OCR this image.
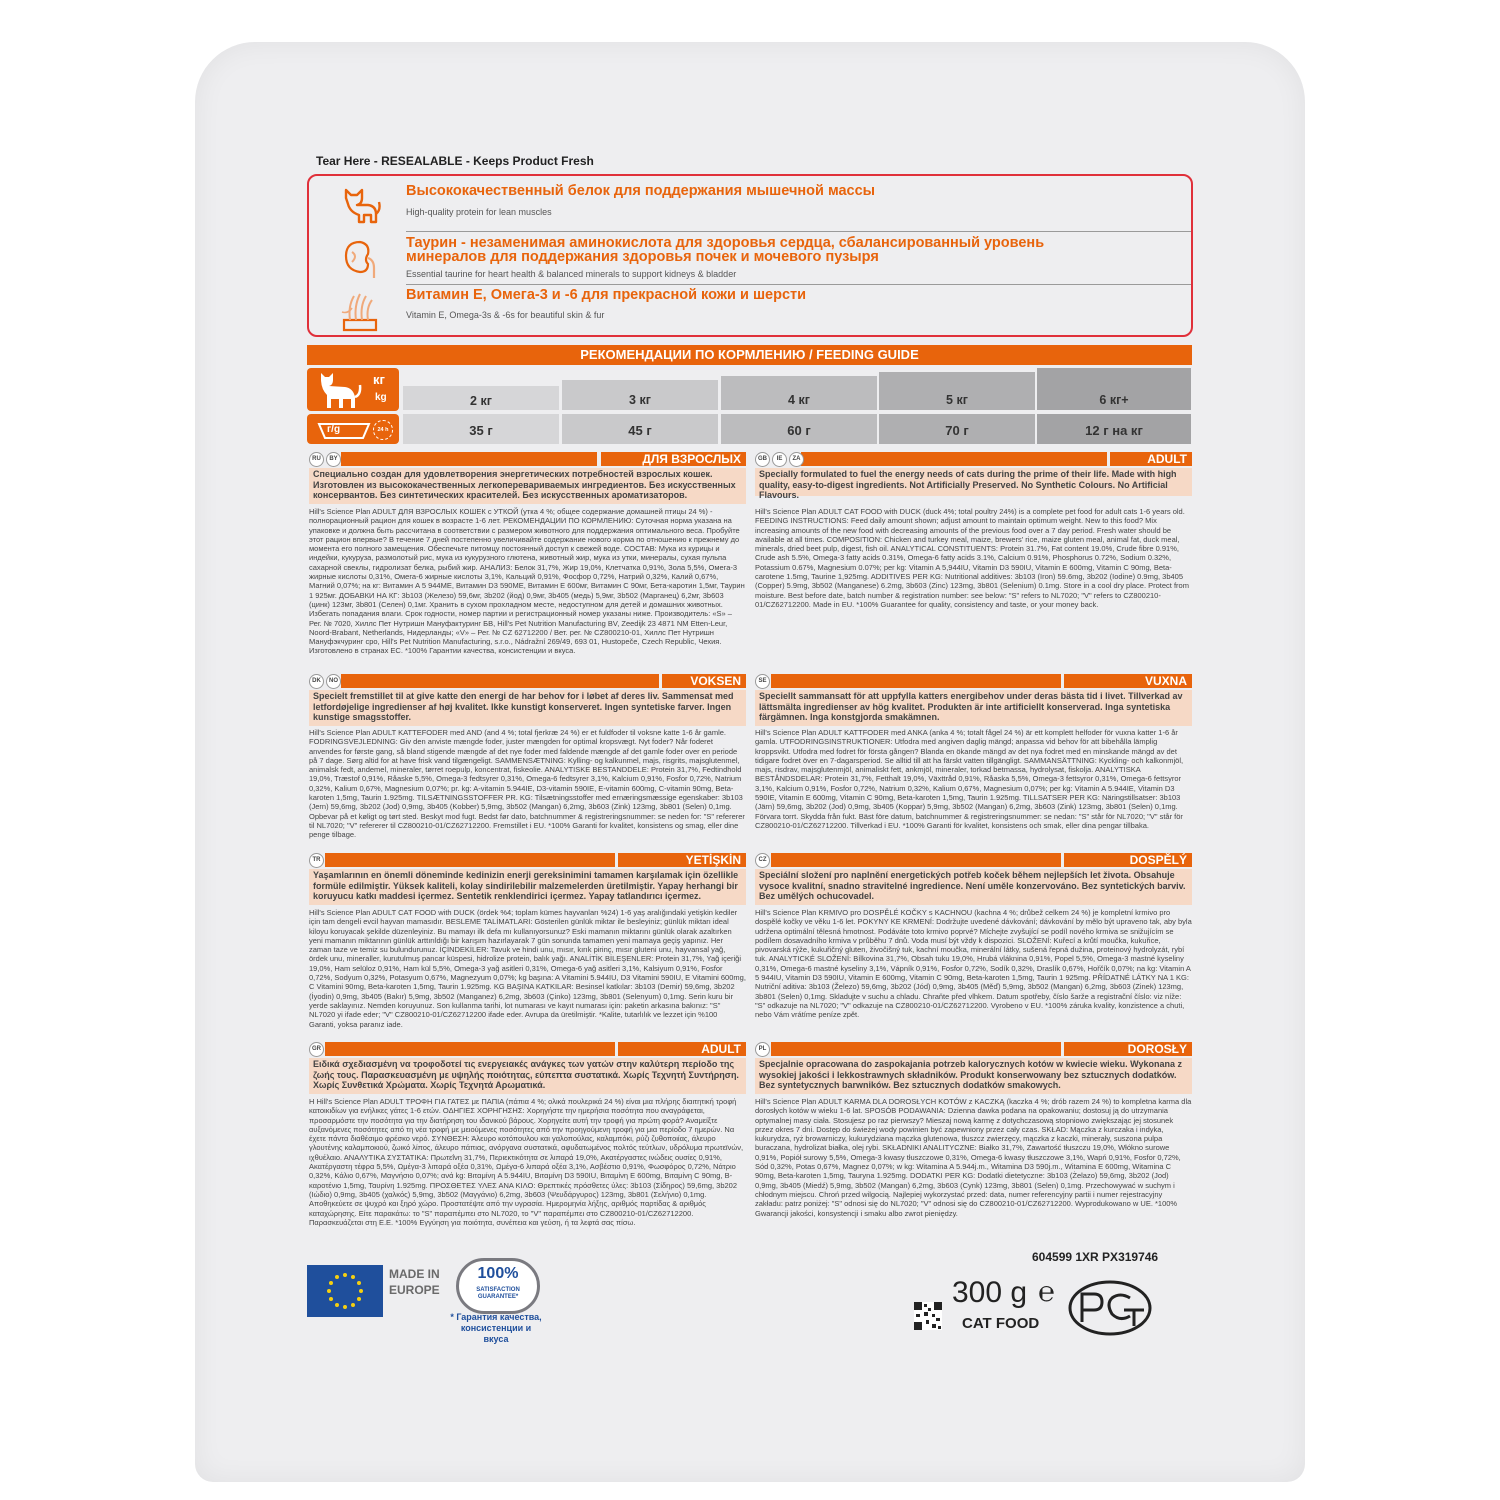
Tear Here - RESEALABLE - Keeps Product Fresh
Высококачественный белок для поддержания мышечной массы
High-quality protein for lean muscles
Таурин - незаменимая аминокислота для здоровья сердца, сбалансированный уровень минералов для поддержания здоровья почек и мочевого пузыря
Essential taurine for heart health & balanced minerals to support kidneys & bladder
Витамин Е, Омега-3 и -6 для прекрасной кожи и шерсти
Vitamin E, Omega-3s & -6s for beautiful skin & fur
РЕКОМЕНДАЦИИ ПО КОРМЛЕНИЮ / FEEDING GUIDE
кг
kg
г/g	24 h
2 кг	3 кг	4 кг	5 кг	6 кг+
35 г	45 г	60 г	70 г	12 г на кг
RU	BY	ДЛЯ ВЗРОСЛЫХ
Специально создан для удовлетворения энергетических потребностей взрослых кошек. Изготовлен из высококачественных легкоперевариваемых ингредиентов. Без искусственных консервантов. Без синтетических красителей. Без искусственных ароматизаторов.
Hill's Science Plan ADULT ДЛЯ ВЗРОСЛЫХ КОШЕК с УТКОЙ (утка 4 %; общее содержание домашней птицы 24 %) - полнорационный рацион для кошек в возрасте 1-6 лет. РЕКОМЕНДАЦИИ ПО КОРМЛЕНИЮ: Суточная норма указана на упаковке и должна быть рассчитана в соответствии с размером животного для поддержания оптимального веса. Пробуйте этот рацион впервые? В течение 7 дней постепенно увеличивайте содержание нового корма по отношению к прежнему до момента его полного замещения. Обеспечьте питомцу постоянный доступ к свежей воде. СОСТАВ: Мука из курицы и индейки, кукуруза, размолотый рис, мука из кукурузного глютена, животный жир, мука из утки, минералы, сухая пульпа сахарной свеклы, гидролизат белка, рыбий жир. АНАЛИЗ: Белок 31,7%, Жир 19,0%, Клетчатка 0,91%, Зола 5,5%, Омега-3 жирные кислоты 0,31%, Омега-6 жирные кислоты 3,1%, Кальций 0,91%, Фосфор 0,72%, Натрий 0,32%, Калий 0,67%, Магний 0,07%; на кг: Витамин A 5 944ME, Витамин D3 590ME, Витамин E 600мг, Витамин C 90мг, Бета-каротин 1,5мг, Таурин 1 925мг. ДОБАВКИ НА КГ: 3b103 (Железо) 59,6мг, 3b202 (йод) 0,9мг, 3b405 (медь) 5,9мг, 3b502 (Марганец) 6,2мг, 3b603 (цинк) 123мг, 3b801 (Селен) 0,1мг. Хранить в сухом прохладном месте, недоступном для детей и домашних животных. Избегать попадания влаги. Срок годности, номер партии и регистрационный номер указаны ниже. Производитель: «S» – Рег. № 7020, Хиллс Пет Нутришн Мануфактуринг БВ, Hill's Pet Nutrition Manufacturing BV, Zeedijk 23 4871 NM Etten-Leur, Noord-Brabant, Netherlands, Нидерланды; «V» – Рег. № CZ 62712200 / Вет. рег. № CZ800210-01, Хиллс Пет Нутришн Мануфэкчуринг сро, Hill's Pet Nutrition Manufacturing, s.r.o., Nádražní 269/49, 693 01, Hustopeče, Czech Republic, Чехия. Изготовлено в странах ЕС. *100% Гарантии качества, консистенции и вкуса.
GB	IE	ZA	ADULT
Specially formulated to fuel the energy needs of cats during the prime of their life. Made with high quality, easy-to-digest ingredients. Not Artificially Preserved. No Synthetic Colours. No Artificial Flavours.
Hill's Science Plan ADULT CAT FOOD with DUCK (duck 4%; total poultry 24%) is a complete pet food for adult cats 1-6 years old. FEEDING INSTRUCTIONS: Feed daily amount shown; adjust amount to maintain optimum weight. New to this food? Mix increasing amounts of the new food with decreasing amounts of the previous food over a 7 day period. Fresh water should be available at all times. COMPOSITION: Chicken and turkey meal, maize, brewers' rice, maize gluten meal, animal fat, duck meal, minerals, dried beet pulp, digest, fish oil. ANALYTICAL CONSTITUENTS: Protein 31.7%, Fat content 19.0%, Crude fibre 0.91%, Crude ash 5.5%, Omega-3 fatty acids 0.31%, Omega-6 fatty acids 3.1%, Calcium 0.91%, Phosphorus 0.72%, Sodium 0.32%, Potassium 0.67%, Magnesium 0.07%; per kg: Vitamin A 5,944IU, Vitamin D3 590IU, Vitamin E 600mg, Vitamin C 90mg, Beta-carotene 1.5mg, Taurine 1,925mg. ADDITIVES PER KG: Nutritional additives: 3b103 (Iron) 59.6mg, 3b202 (Iodine) 0.9mg, 3b405 (Copper) 5.9mg, 3b502 (Manganese) 6.2mg, 3b603 (Zinc) 123mg, 3b801 (Selenium) 0.1mg. Store in a cool dry place. Protect from moisture. Best before date, batch number & registration number: see below: "S" refers to NL7020; "V" refers to CZ800210-01/CZ62712200. Made in EU. *100% Guarantee for quality, consistency and taste, or your money back.
DK	NO	VOKSEN
Specielt fremstillet til at give katte den energi de har behov for i løbet af deres liv. Sammensat med letfordøjelige ingredienser af høj kvalitet. Ikke kunstigt konserveret. Ingen syntetiske farver. Ingen kunstige smagsstoffer.
Hill's Science Plan ADULT KATTEFODER med AND (and 4 %; total fjerkræ 24 %) er et fuldfoder til voksne katte 1-6 år gamle. FODRINGSVEJLEDNING: Giv den anviste mængde foder, juster mængden for optimal kropsvægt. Nyt foder? Når foderet anvendes for første gang, så bland stigende mængde af det nye foder med faldende mængde af det gamle foder over en periode på 7 dage. Sørg altid for at have frisk vand tilgængeligt. SAMMENSÆTNING: Kylling- og kalkunmel, majs, risgrits, majsglutenmel, animalsk fedt, andemel, mineraler, tørret roepulp, koncentrat, fiskeolie. ANALYTISKE BESTANDDELE: Protein 31,7%, Fedtindhold 19,0%, Træstof 0,91%, Råaske 5,5%, Omega-3 fedtsyrer 0,31%, Omega-6 fedtsyrer 3,1%, Kalcium 0,91%, Fosfor 0,72%, Natrium 0,32%, Kalium 0,67%, Magnesium 0,07%; pr. kg: A-vitamin 5.944IE, D3-vitamin 590IE, E-vitamin 600mg, C-vitamin 90mg, Beta-karoten 1,5mg, Taurin 1.925mg. TILSÆTNINGSSTOFFER PR. KG: Tilsætningsstoffer med ernæringsmæssige egenskaber: 3b103 (Jern) 59,6mg, 3b202 (Jod) 0,9mg, 3b405 (Kobber) 5,9mg, 3b502 (Mangan) 6,2mg, 3b603 (Zink) 123mg, 3b801 (Selen) 0,1mg. Opbevar på et køligt og tørt sted. Beskyt mod fugt. Bedst før dato, batchnummer & registreringsnummer: se neden for: "S" refererer til NL7020; "V" refererer til CZ800210-01/CZ62712200. Fremstillet i EU. *100% Garanti for kvalitet, konsistens og smag, eller dine penge tilbage.
SE	VUXNA
Speciellt sammansatt för att uppfylla katters energibehov under deras bästa tid i livet. Tillverkad av lättsmälta ingredienser av hög kvalitet. Produkten är inte artificiellt konserverad. Inga syntetiska färgämnen. Inga konstgjorda smakämnen.
Hill's Science Plan ADULT KATTFODER med ANKA (anka 4 %; totalt fågel 24 %) är ett komplett helfoder för vuxna katter 1-6 år gamla. UTFODRINGSINSTRUKTIONER: Utfodra med angiven daglig mängd; anpassa vid behov för att bibehålla lämplig kroppsvikt. Utfodra med fodret för första gången? Blanda en ökande mängd av det nya fodret med en minskande mängd av det tidigare fodret över en 7-dagarsperiod. Se alltid till att ha färskt vatten tillgängligt. SAMMANSÄTTNING: Kyckling- och kalkonmjöl, majs, risdrav, majsglutenmjöl, animaliskt fett, ankmjöl, mineraler, torkad betmassa, hydrolysat, fiskolja. ANALYTISKA BESTÅNDSDELAR: Protein 31,7%, Fetthalt 19,0%, Växttråd 0,91%, Råaska 5,5%, Omega-3 fettsyror 0,31%, Omega-6 fettsyror 3,1%, Kalcium 0,91%, Fosfor 0,72%, Natrium 0,32%, Kalium 0,67%, Magnesium 0,07%; per kg: Vitamin A 5.944IE, Vitamin D3 590IE, Vitamin E 600mg, Vitamin C 90mg, Beta-karoten 1,5mg, Taurin 1.925mg. TILLSATSER PER KG: Näringstillsatser: 3b103 (Järn) 59,6mg, 3b202 (Jod) 0,9mg, 3b405 (Koppar) 5,9mg, 3b502 (Mangan) 6,2mg, 3b603 (Zink) 123mg, 3b801 (Selen) 0,1mg. Förvara torrt. Skydda från fukt. Bäst före datum, batchnummer & registreringsnummer: se nedan: "S" står för NL7020; "V" står för CZ800210-01/CZ62712200. Tillverkad i EU. *100% Garanti för kvalitet, konsistens och smak, eller dina pengar tillbaka.
TR	YETİŞKİN
Yaşamlarının en önemli döneminde kedinizin enerji gereksinimini tamamen karşılamak için özellikle formüle edilmiştir. Yüksek kaliteli, kolay sindirilebilir malzemelerden üretilmiştir. Yapay herhangi bir koruyucu katkı maddesi içermez. Sentetik renklendirici içermez. Yapay tatlandırıcı içermez.
Hill's Science Plan ADULT CAT FOOD with DUCK (ördek %4; toplam kümes hayvanları %24) 1-6 yaş aralığındaki yetişkin kediler için tam dengeli evcil hayvan mamasıdır. BESLEME TALİMATLARI: Gösterilen günlük miktar ile besleyiniz; günlük miktarı ideal kiloyu koruyacak şekilde düzenleyiniz. Bu mamayı ilk defa mı kullanıyorsunuz? Eski mamanın miktarını günlük olarak azaltırken yeni mamanın miktarının günlük arttırıldığı bir karışım hazırlayarak 7 gün sonunda tamamen yeni mamaya geçiş yapınız. Her zaman taze ve temiz su bulundurunuz. İÇİNDEKİLER: Tavuk ve hindi unu, mısır, kırık pirinç, mısır gluteni unu, hayvansal yağ, ördek unu, mineraller, kurutulmuş pancar küspesi, hidrolize protein, balık yağı. ANALİTİK BİLEŞENLER: Protein 31,7%, Yağ içeriği 19,0%, Ham selüloz 0,91%, Ham kül 5,5%, Omega-3 yağ asitleri 0,31%, Omega-6 yağ asitleri 3,1%, Kalsiyum 0,91%, Fosfor 0,72%, Sodyum 0,32%, Potasyum 0,67%, Magnezyum 0,07%; kg başına: A Vitamini 5.944IU, D3 Vitamini 590IU, E Vitamini 600mg, C Vitamini 90mg, Beta-karoten 1,5mg, Taurin 1.925mg. KG BAŞINA KATKILAR: Besinsel katkılar: 3b103 (Demir) 59,6mg, 3b202 (İyodin) 0,9mg, 3b405 (Bakır) 5,9mg, 3b502 (Manganez) 6,2mg, 3b603 (Çinko) 123mg, 3b801 (Selenyum) 0,1mg. Serin kuru bir yerde saklayınız. Nemden koruyunuz. Son kullanma tarihi, lot numarası ve kayıt numarası için: paketin arkasına bakınız: "S" NL7020 yi ifade eder; "V" CZ800210-01/CZ62712200 ifade eder. Avrupa da üretilmiştir. *Kalite, tutarlılık ve lezzet için %100 Garanti, yoksa paranız iade.
CZ	DOSPĚLÝ
Speciální složení pro naplnění energetických potřeb koček během nejlepších let života. Obsahuje vysoce kvalitní, snadno stravitelné ingredience. Není uměle konzervováno. Bez syntetických barviv. Bez umělých ochucovadel.
Hill's Science Plan KRMIVO pro DOSPĚLÉ KOČKY s KACHNOU (kachna 4 %; drůbež celkem 24 %) je kompletní krmivo pro dospělé kočky ve věku 1-6 let. POKYNY KE KRMENÍ: Dodržujte uvedené dávkování; dávkování by mělo být upraveno tak, aby byla udržena optimální tělesná hmotnost. Podáváte toto krmivo poprvé? Míchejte zvyšující se podíl nového krmiva se snižujícím se podílem dosavadního krmiva v průběhu 7 dnů. Voda musí být vždy k dispozici. SLOŽENÍ: Kuřecí a krůtí moučka, kukuřice, pivovarská rýže, kukuřičný gluten, živočišný tuk, kachní moučka, minerální látky, sušená řepná dužina, proteinový hydrolyzát, rybí tuk. ANALYTICKÉ SLOŽENÍ: Bílkovina 31,7%, Obsah tuku 19,0%, Hrubá vláknina 0,91%, Popel 5,5%, Omega-3 mastné kyseliny 0,31%, Omega-6 mastné kyseliny 3,1%, Vápník 0,91%, Fosfor 0,72%, Sodík 0,32%, Draslík 0,67%, Hořčík 0,07%; na kg: Vitamin A 5 944IU, Vitamin D3 590IU, Vitamin E 600mg, Vitamin C 90mg, Beta-karoten 1,5mg, Taurin 1 925mg. PŘÍDATNÉ LÁTKY NA 1 KG: Nutriční aditiva: 3b103 (Železo) 59,6mg, 3b202 (Jód) 0,9mg, 3b405 (Měď) 5,9mg, 3b502 (Mangan) 6,2mg, 3b603 (Zinek) 123mg, 3b801 (Selen) 0,1mg. Skladujte v suchu a chladu. Chraňte před vlhkem. Datum spotřeby, číslo šarže a registrační číslo: viz níže: "S" odkazuje na NL7020; "V" odkazuje na CZ800210-01/CZ62712200. Vyrobeno v EU. *100% záruka kvality, konzistence a chuti, nebo Vám vrátíme peníze zpět.
GR	ADULT
Ειδικά σχεδιασμένη να τροφοδοτεί τις ενεργειακές ανάγκες των γατών στην καλύτερη περίοδο της ζωής τους. Παρασκευασμένη με υψηλής ποιότητας, εύπεπτα συστατικά. Χωρίς Τεχνητή Συντήρηση. Χωρίς Συνθετικά Χρώματα. Χωρίς Τεχνητά Αρωματικά.
Η Hill's Science Plan ADULT ΤΡΟΦΗ ΓΙΑ ΓΑΤΕΣ με ΠΑΠΙΑ (πάπια 4 %; ολικά πουλερικά 24 %) είναι μια πλήρης διαιτητική τροφή κατοικιδίων για ενήλικες γάτες 1-6 ετών. ΟΔΗΓΙΕΣ ΧΟΡΗΓΗΣΗΣ: Χορηγήστε την ημερήσια ποσότητα που αναγράφεται, προσαρμόστε την ποσότητα για την διατήρηση του ιδανικού βάρους. Χορηγείτε αυτή την τροφή για πρώτη φορά? Αναμείξτε αυξανόμενες ποσότητες από τη νέα τροφή με μειούμενες ποσότητες από την προηγούμενη τροφή για μια περίοδο 7 ημερών. Να έχετε πάντα διαθέσιμο φρέσκο νερό. ΣΥΝΘΕΣΗ: Άλευρο κοτόπουλου και γαλοπούλας, καλαμπόκι, ρύζι ζυθοποιίας, άλευρο γλουτένης καλαμποκιού, ζωικό λίπος, άλευρο πάπιας, ανόργανα συστατικά, αφυδατωμένος πολτός τεύτλων, υδρόλυμα πρωτεϊνών, ιχθυέλαιο. ΑΝΑΛΥΤΙΚΑ ΣΥΣΤΑΤΙΚΑ: Πρωτεΐνη 31,7%, Περιεκτικότητα σε λιπαρά 19,0%, Ακατέργαστες ινώδεις ουσίες 0,91%, Ακατέργαστη τέφρα 5,5%, Ωμέγα-3 λιπαρά οξέα 0,31%, Ωμέγα-6 λιπαρά οξέα 3,1%, Ασβέστιο 0,91%, Φωσφόρος 0,72%, Νάτριο 0,32%, Κάλιο 0,67%, Μαγνήσιο 0,07%; ανά kg: Βιταμίνη A 5.944IU, Βιταμίνη D3 590IU, Βιταμίνη E 600mg, Βιταμίνη C 90mg, Β-καροτένιο 1,5mg, Ταυρίνη 1.925mg. ΠΡΟΣΘΕΤΕΣ ΥΛΕΣ ΑΝΑ ΚΙΛΟ: Θρεπτικές πρόσθετες ύλες: 3b103 (Σίδηρος) 59,6mg, 3b202 (Ιώδιο) 0,9mg, 3b405 (χαλκός) 5,9mg, 3b502 (Μαγγάνιο) 6,2mg, 3b603 (Ψευδάργυρος) 123mg, 3b801 (Σελήνιο) 0,1mg. Αποθηκεύετε σε ψυχρό και ξηρό χώρο. Προστατέψτε από την υγρασία. Ημερομηνία λήξης, αριθμός παρτίδας & αριθμός καταχώρησης. Είτε παρακάτω: το "S" παραπέμπει στο NL7020, το "V" παραπέμπει στο CZ800210-01/CZ62712200. Παρασκευάζεται στη Ε.Ε. *100% Εγγύηση για ποιότητα, συνέπεια και γεύση, ή τα λεφτά σας πίσω.
PL	DOROSŁY
Specjalnie opracowana do zaspokajania potrzeb kalorycznych kotów w kwiecie wieku. Wykonana z wysokiej jakości i lekkostrawnych składników. Produkt konserwowany bez sztucznych dodatków. Bez syntetycznych barwników. Bez sztucznych dodatków smakowych.
Hill's Science Plan ADULT KARMA DLA DOROSŁYCH KOTÓW z KACZKĄ (kaczka 4 %; drób razem 24 %) to kompletna karma dla dorosłych kotów w wieku 1-6 lat. SPOSÓB PODAWANIA: Dzienna dawka podana na opakowaniu; dostosuj ją do utrzymania optymalnej masy ciała. Stosujesz po raz pierwszy? Mieszaj nową karmę z dotychczasową stopniowo zwiększając jej stosunek przez okres 7 dni. Dostęp do świeżej wody powinien być zapewniony przez cały czas. SKŁAD: Mączka z kurczaka i indyka, kukurydza, ryż browarniczy, kukurydziana mączka glutenowa, tłuszcz zwierzęcy, mączka z kaczki, minerały, suszona pulpa buraczana, hydrolizat białka, olej rybi. SKŁADNIKI ANALITYCZNE: Białko 31,7%, Zawartość tłuszczu 19,0%, Włókno surowe 0,91%, Popiół surowy 5,5%, Omega-3 kwasy tłuszczowe 0,31%, Omega-6 kwasy tłuszczowe 3,1%, Wapń 0,91%, Fosfor 0,72%, Sód 0,32%, Potas 0,67%, Magnez 0,07%; w kg: Witamina A 5.944j.m., Witamina D3 590j.m., Witamina E 600mg, Witamina C 90mg, Beta-karoten 1,5mg, Tauryna 1.925mg. DODATKI PER KG: Dodatki dietetyczne: 3b103 (Żelazo) 59,6mg, 3b202 (Jod) 0,9mg, 3b405 (Miedź) 5,9mg, 3b502 (Mangan) 6,2mg, 3b603 (Cynk) 123mg, 3b801 (Selen) 0,1mg. Przechowywać w suchym i chłodnym miejscu. Chroń przed wilgocią. Najlepiej wykorzystać przed: data, numer referencyjny partii i numer rejestracyjny zakładu: patrz poniżej: "S" odnosi się do NL7020; "V" odnosi się do CZ800210-01/CZ62712200. Wyprodukowano w UE. *100% Gwarancji jakości, konsystencji i smaku albo zwrot pieniędzy.
MADE IN
EUROPE
100%
SATISFACTION GUARANTEE*
* Гарантия качества, консистенции и вкуса
604599 1XR PX319746
300 g ℮
CAT FOOD
